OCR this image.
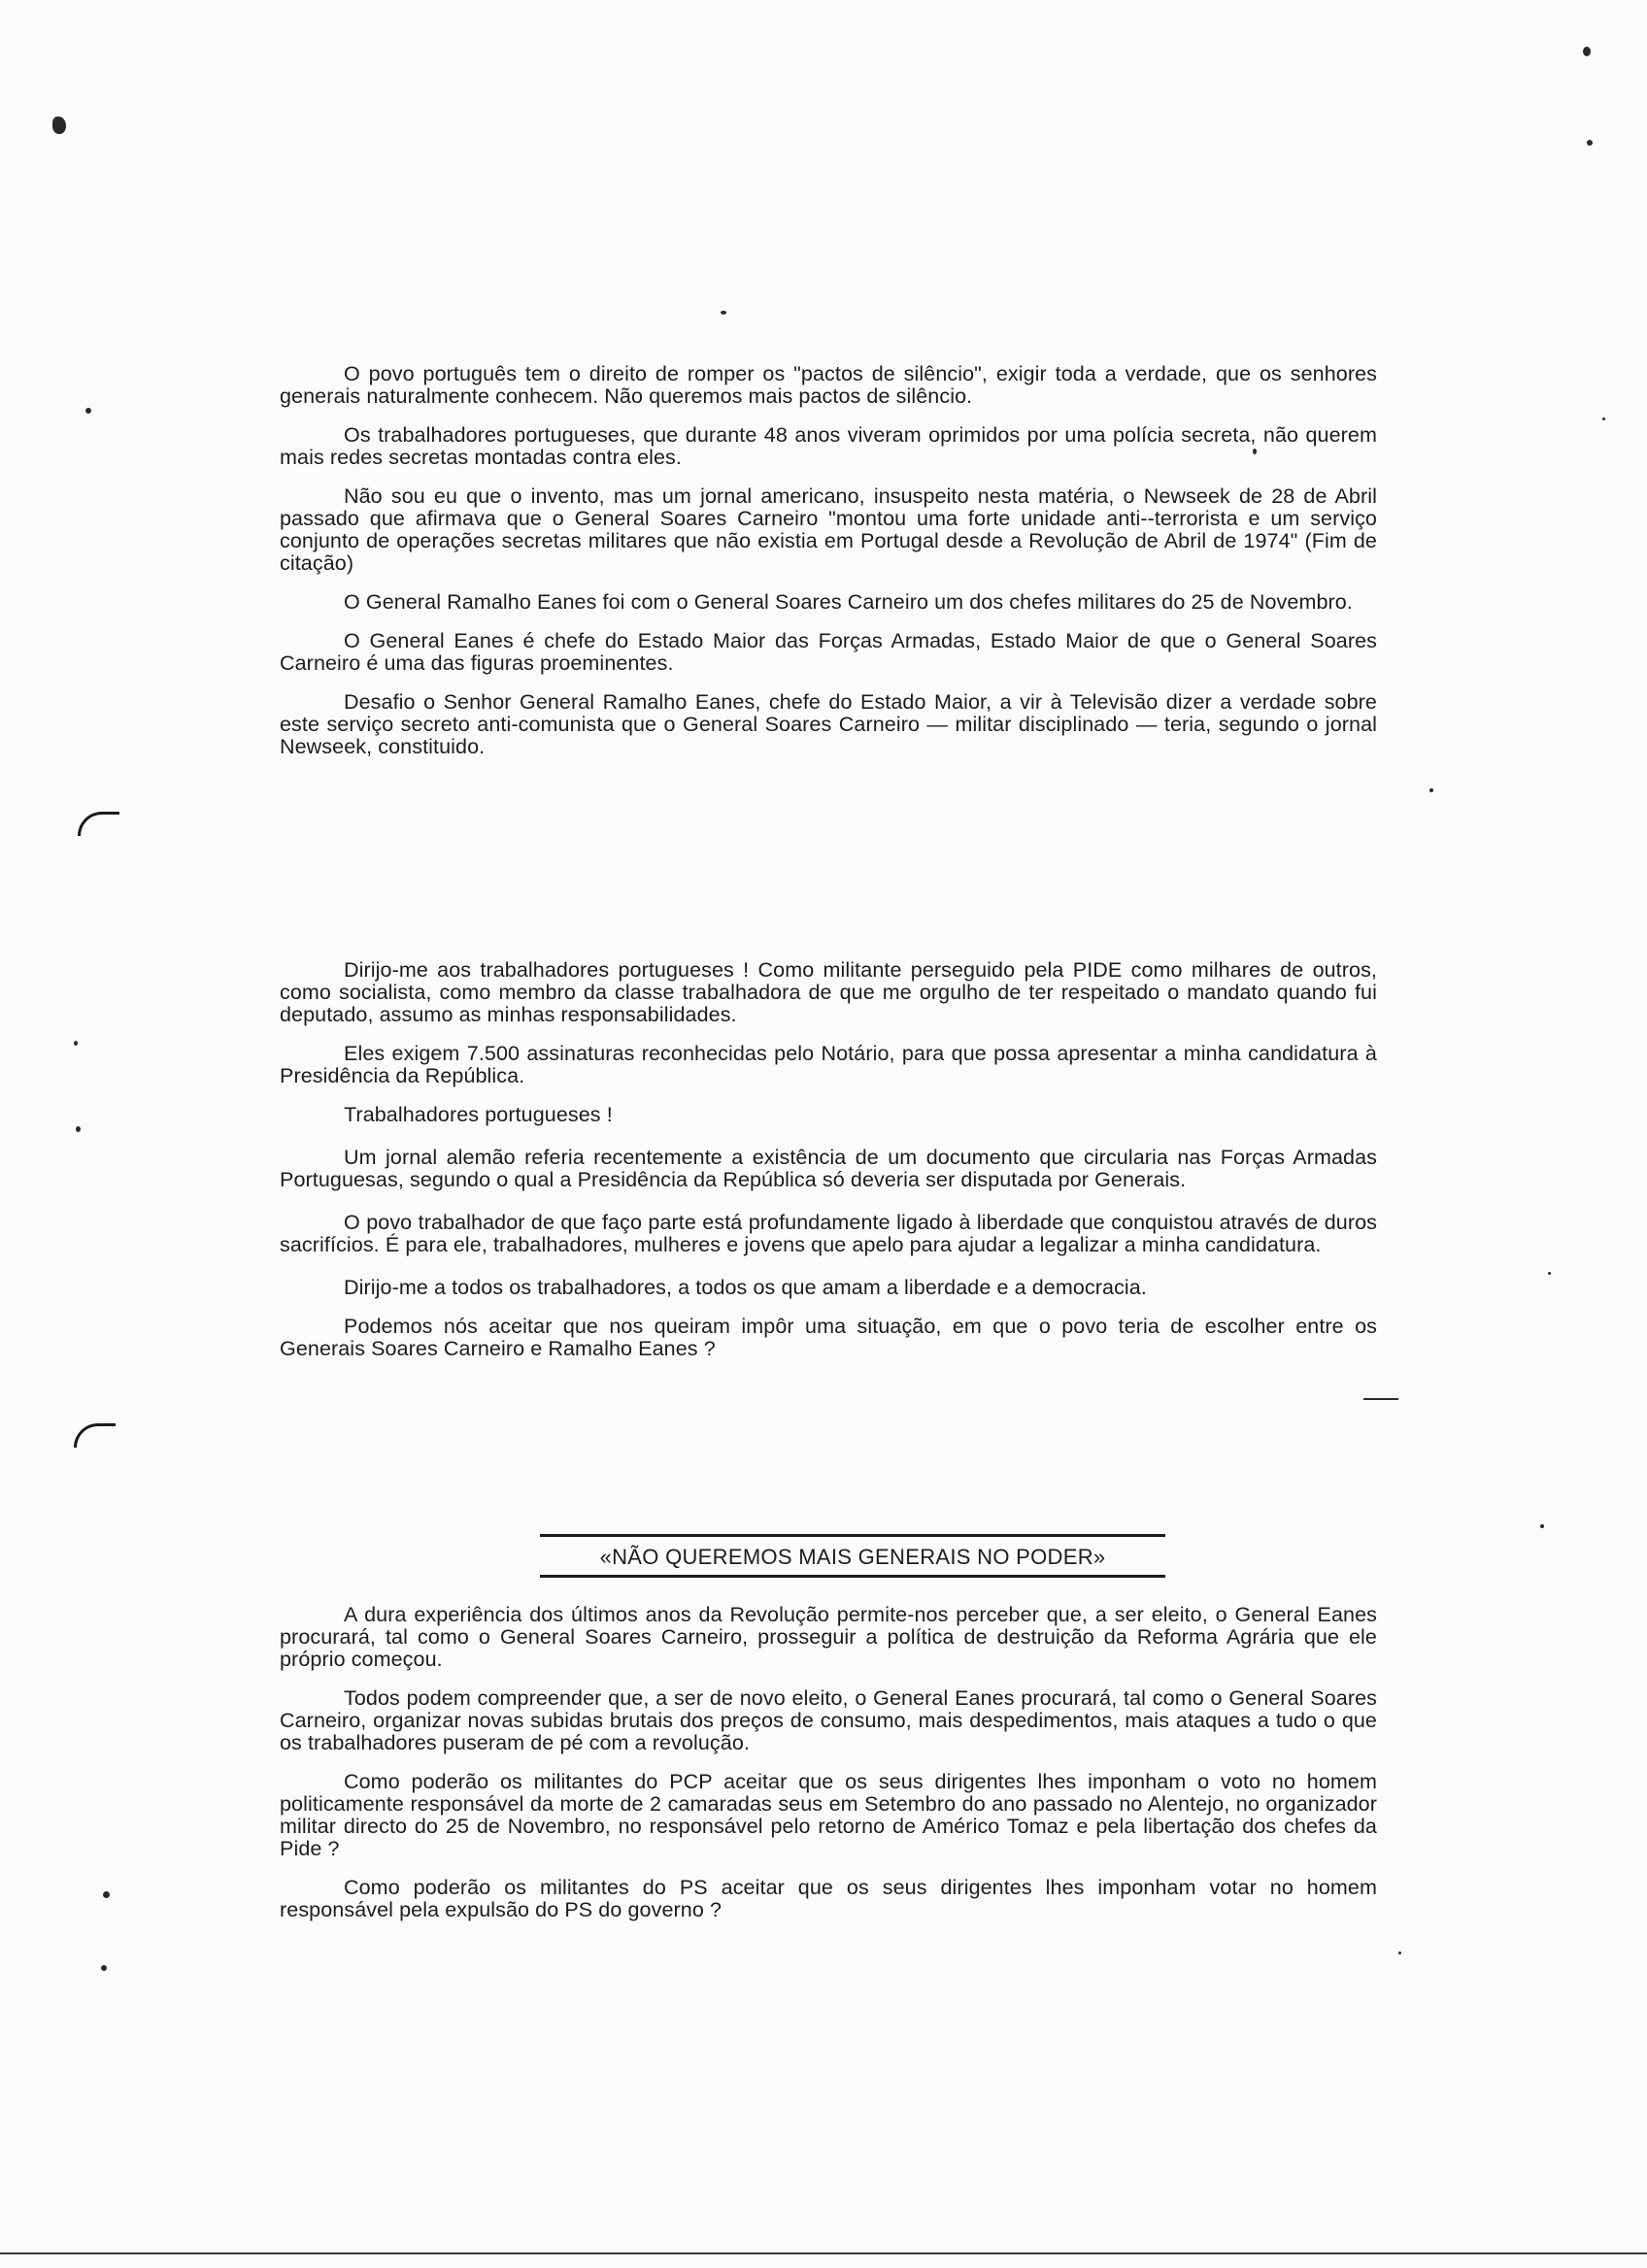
O povo português tem o direito de romper os "pactos de silêncio", exigir toda a verdade, que os senhores generais naturalmente conhecem. Não queremos mais pactos de silêncio.

Os trabalhadores portugueses, que durante 48 anos viveram oprimidos por uma polícia secreta, não querem mais redes secretas montadas contra eles.

Não sou eu que o invento, mas um jornal americano, insuspeito nesta matéria, o Newseek de 28 de Abril passado que afirmava que o General Soares Carneiro "montou uma forte unidade anti--terrorista e um serviço conjunto de operações secretas militares que não existia em Portugal desde a Revolução de Abril de 1974" (Fim de citação)

O General Ramalho Eanes foi com o General Soares Carneiro um dos chefes militares do 25 de Novembro.

O General Eanes é chefe do Estado Maior das Forças Armadas, Estado Maior de que o General Soares Carneiro é uma das figuras proeminentes.

Desafio o Senhor General Ramalho Eanes, chefe do Estado Maior, a vir à Televisão dizer a verdade sobre este serviço secreto anti-comunista que o General Soares Carneiro — militar disciplinado — teria, segundo o jornal Newseek, constituido.

Dirijo-me aos trabalhadores portugueses ! Como militante perseguido pela PIDE como milhares de outros, como socialista, como membro da classe trabalhadora de que me orgulho de ter respeitado o mandato quando fui deputado, assumo as minhas responsabilidades.

Eles exigem 7.500 assinaturas reconhecidas pelo Notário, para que possa apresentar a minha candidatura à Presidência da República.

Trabalhadores portugueses !

Um jornal alemão referia recentemente a existência de um documento que circularia nas Forças Armadas Portuguesas, segundo o qual a Presidência da República só deveria ser disputada por Generais.

O povo trabalhador de que faço parte está profundamente ligado à liberdade que conquistou através de duros sacrifícios. É para ele, trabalhadores, mulheres e jovens que apelo para ajudar a legalizar a minha candidatura.

Dirijo-me a todos os trabalhadores, a todos os que amam a liberdade e a democracia.

Podemos nós aceitar que nos queiram impôr uma situação, em que o povo teria de escolher entre os Generais Soares Carneiro e Ramalho Eanes ?

«NÃO QUEREMOS MAIS GENERAIS NO PODER»

A dura experiência dos últimos anos da Revolução permite-nos perceber que, a ser eleito, o General Eanes procurará, tal como o General Soares Carneiro, prosseguir a política de destruição da Reforma Agrária que ele próprio começou.

Todos podem compreender que, a ser de novo eleito, o General Eanes procurará, tal como o General Soares Carneiro, organizar novas subidas brutais dos preços de consumo, mais despedimentos, mais ataques a tudo o que os trabalhadores puseram de pé com a revolução.

Como poderão os militantes do PCP aceitar que os seus dirigentes lhes imponham o voto no homem politicamente responsável da morte de 2 camaradas seus em Setembro do ano passado no Alentejo, no organizador militar directo do 25 de Novembro, no responsável pelo retorno de Américo Tomaz e pela libertação dos chefes da Pide ?

Como poderão os militantes do PS aceitar que os seus dirigentes lhes imponham votar no homem responsável pela expulsão do PS do governo ?
